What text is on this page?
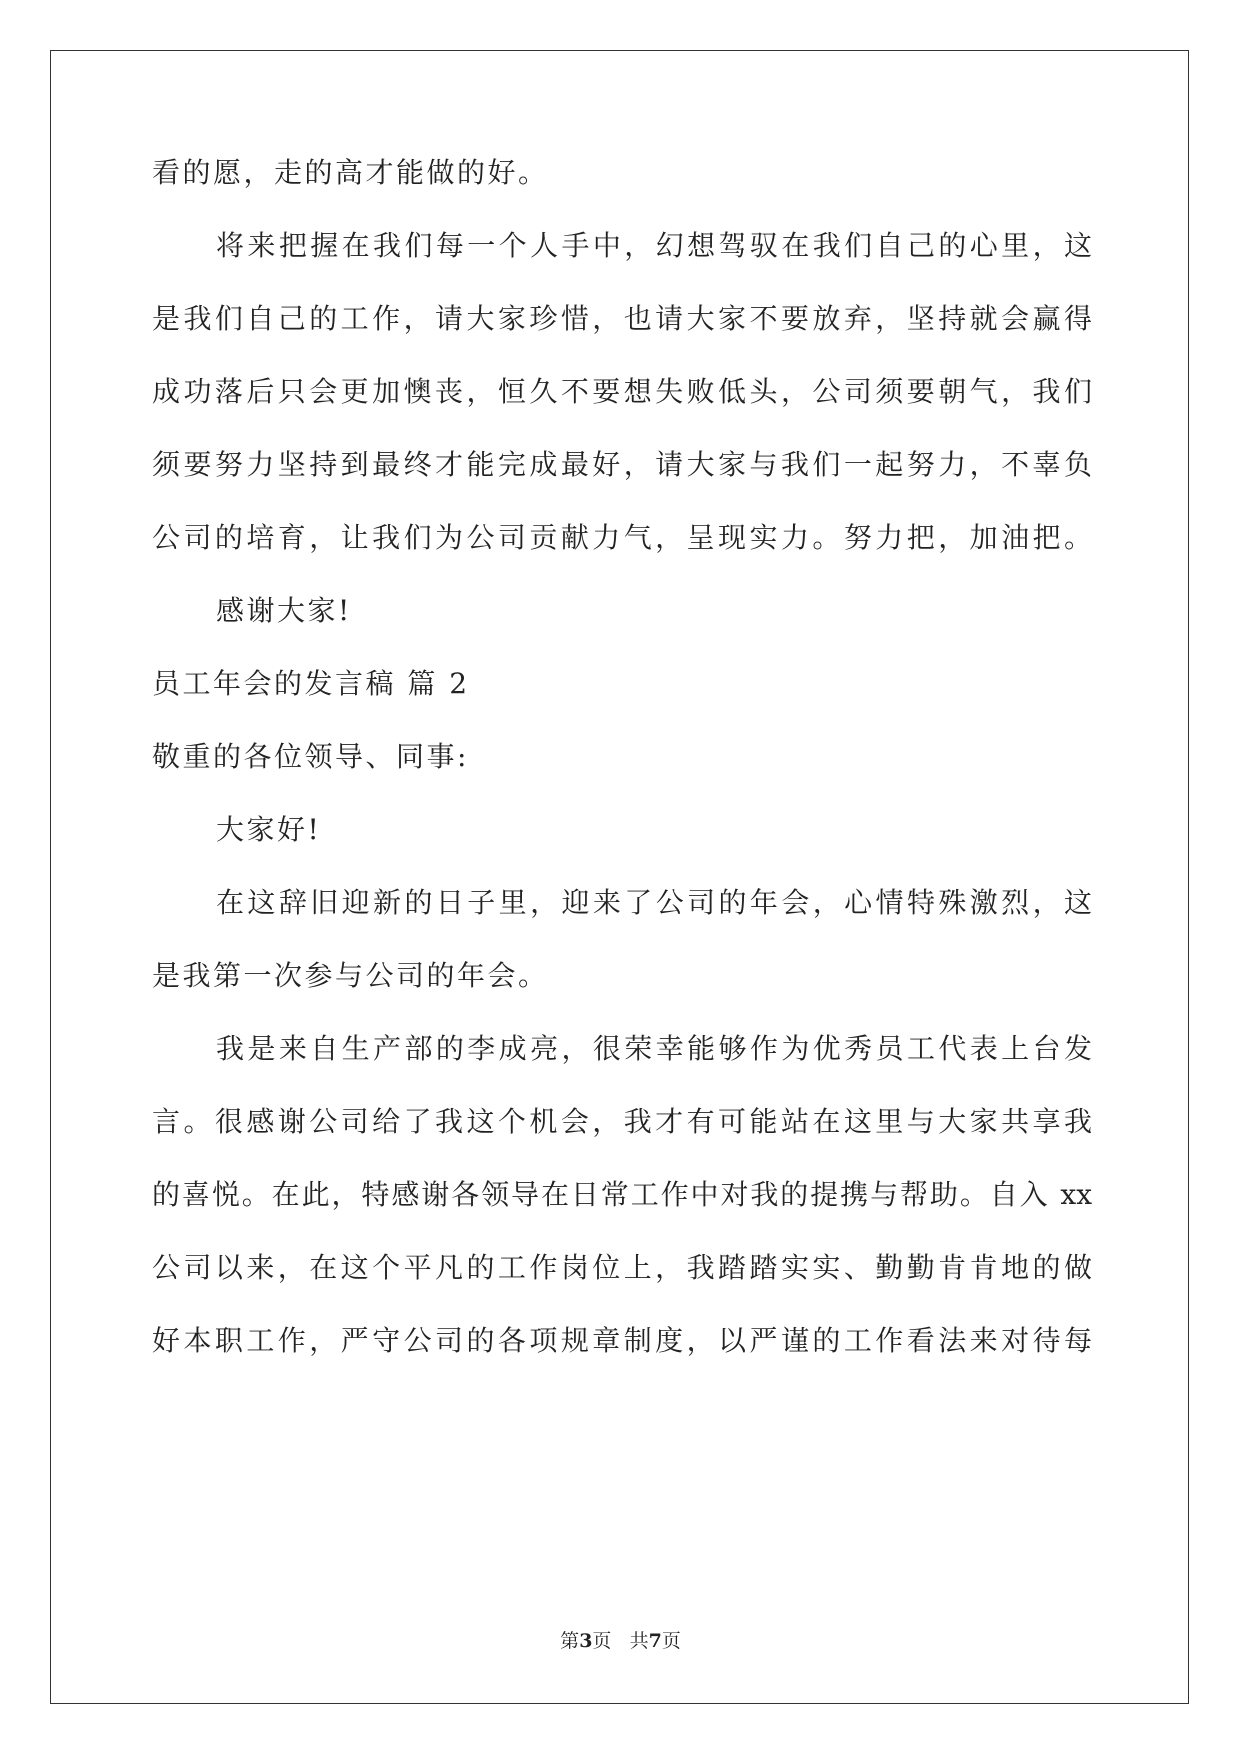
看的愿，走的高才能做的好。
将来把握在我们每一个人手中，幻想驾驭在我们自己的心里，这
是我们自己的工作，请大家珍惜，也请大家不要放弃，坚持就会赢得
成功落后只会更加懊丧，恒久不要想失败低头，公司须要朝气，我们
须要努力坚持到最终才能完成最好，请大家与我们一起努力，不辜负
公司的培育，让我们为公司贡献力气，呈现实力。努力把，加油把。
感谢大家!
员工年会的发言稿 篇 2
敬重的各位领导、同事:
大家好!
在这辞旧迎新的日子里，迎来了公司的年会，心情特殊激烈，这
是我第一次参与公司的年会。
我是来自生产部的李成亮，很荣幸能够作为优秀员工代表上台发
言。很感谢公司给了我这个机会，我才有可能站在这里与大家共享我
的喜悦。在此，特感谢各领导在日常工作中对我的提携与帮助。自入 xx
公司以来，在这个平凡的工作岗位上，我踏踏实实、勤勤肯肯地的做
好本职工作，严守公司的各项规章制度，以严谨的工作看法来对待每
第3页 共7页
